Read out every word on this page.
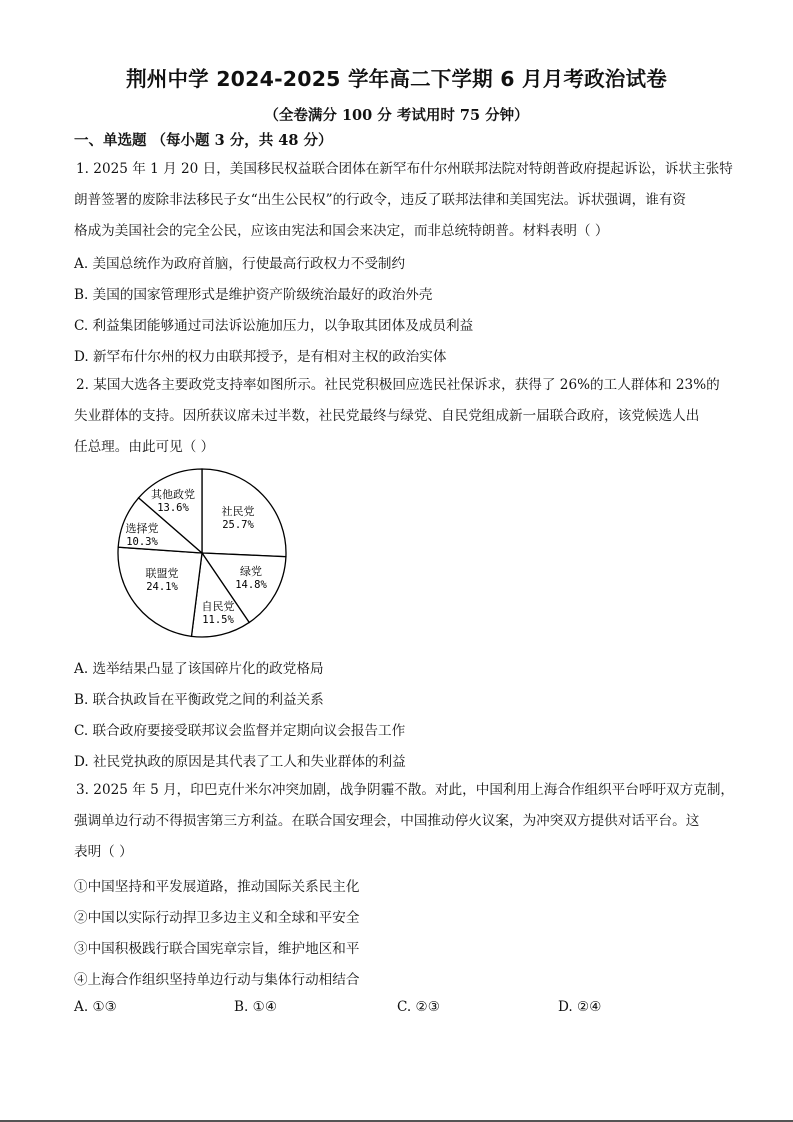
荆州中学 2024-2025 学年高二下学期 6 月月考政治试卷
（全卷满分 100 分 考试用时 75 分钟）
一、单选题 （每小题 3 分，共 48 分）
1. 2025 年 1 月 20 日，美国移民权益联合团体在新罕布什尔州联邦法院对特朗普政府提起诉讼，诉状主张特
朗普签署的废除非法移民子女“出生公民权”的行政令，违反了联邦法律和美国宪法。诉状强调，谁有资
格成为美国社会的完全公民，应该由宪法和国会来决定，而非总统特朗普。材料表明（ ）
A. 美国总统作为政府首脑，行使最高行政权力不受制约
B. 美国的国家管理形式是维护资产阶级统治最好的政治外壳
C. 利益集团能够通过司法诉讼施加压力，以争取其团体及成员利益
D. 新罕布什尔州的权力由联邦授予，是有相对主权的政治实体
2. 某国大选各主要政党支持率如图所示。社民党积极回应选民社保诉求，获得了 26%的工人群体和 23%的
失业群体的支持。因所获议席未过半数，社民党最终与绿党、自民党组成新一届联合政府，该党候选人出
任总理。由此可见（ ）
社民党
25.7%
绿党
14.8%
自民党
11.5%
联盟党
24.1%
选择党
10.3%
其他政党
13.6%
A. 选举结果凸显了该国碎片化的政党格局
B. 联合执政旨在平衡政党之间的利益关系
C. 联合政府要接受联邦议会监督并定期向议会报告工作
D. 社民党执政的原因是其代表了工人和失业群体的利益
3. 2025 年 5 月，印巴克什米尔冲突加剧，战争阴霾不散。对此，中国利用上海合作组织平台呼吁双方克制，
强调单边行动不得损害第三方利益。在联合国安理会，中国推动停火议案，为冲突双方提供对话平台。这
表明（ ）
①中国坚持和平发展道路，推动国际关系民主化
②中国以实际行动捍卫多边主义和全球和平安全
③中国积极践行联合国宪章宗旨，维护地区和平
④上海合作组织坚持单边行动与集体行动相结合
A. ①③	B. ①④	C. ②③	D. ②④
